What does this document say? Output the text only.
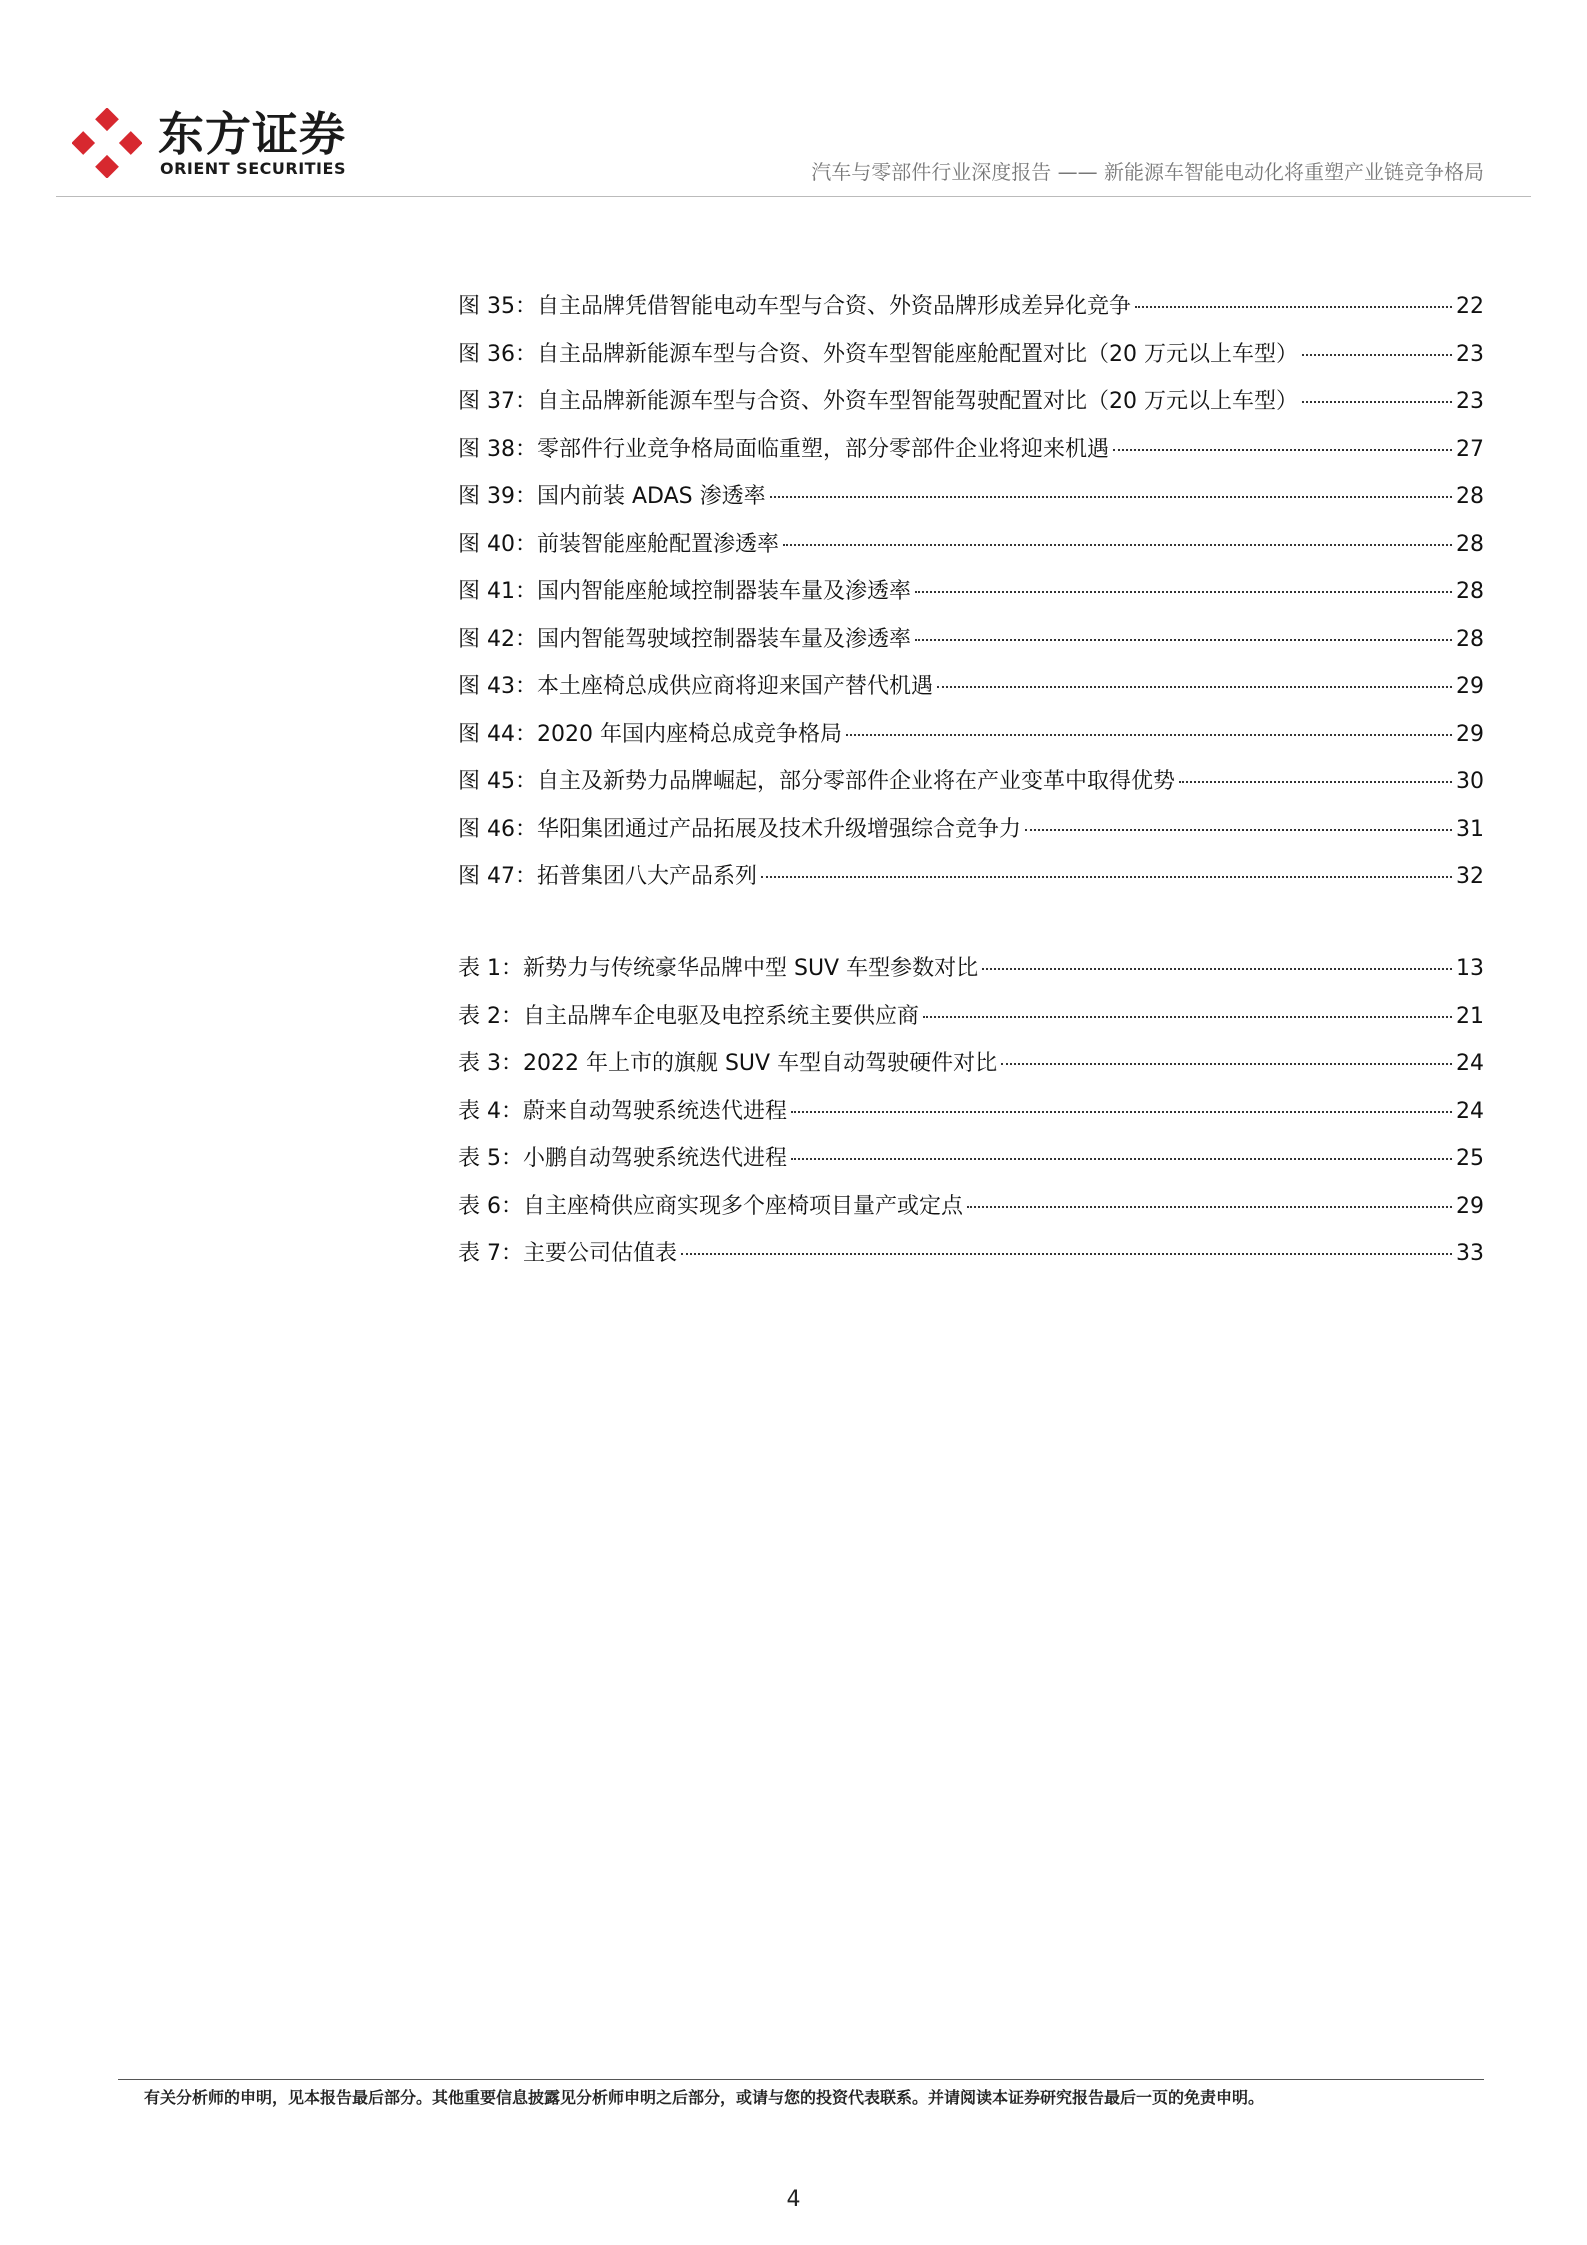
东方证券
ORIENT SECURITIES	汽车与零部件行业深度报告 —— 新能源车智能电动化将重塑产业链竞争格局
图 35：自主品牌凭借智能电动车型与合资、外资品牌形成差异化竞争	22
图 36：自主品牌新能源车型与合资、外资车型智能座舱配置对比（20 万元以上车型）	23
图 37：自主品牌新能源车型与合资、外资车型智能驾驶配置对比（20 万元以上车型）	23
图 38：零部件行业竞争格局面临重塑，部分零部件企业将迎来机遇	27
图 39：国内前装 ADAS 渗透率	28
图 40：前装智能座舱配置渗透率	28
图 41：国内智能座舱域控制器装车量及渗透率	28
图 42：国内智能驾驶域控制器装车量及渗透率	28
图 43：本土座椅总成供应商将迎来国产替代机遇	29
图 44：2020 年国内座椅总成竞争格局	29
图 45：自主及新势力品牌崛起，部分零部件企业将在产业变革中取得优势	30
图 46：华阳集团通过产品拓展及技术升级增强综合竞争力	31
图 47：拓普集团八大产品系列	32
表 1：新势力与传统豪华品牌中型 SUV 车型参数对比	13
表 2：自主品牌车企电驱及电控系统主要供应商	21
表 3：2022 年上市的旗舰 SUV 车型自动驾驶硬件对比	24
表 4：蔚来自动驾驶系统迭代进程	24
表 5：小鹏自动驾驶系统迭代进程	25
表 6：自主座椅供应商实现多个座椅项目量产或定点	29
表 7：主要公司估值表	33
有关分析师的申明，见本报告最后部分。其他重要信息披露见分析师申明之后部分，或请与您的投资代表联系。并请阅读本证券研究报告最后一页的免责申明。
4
